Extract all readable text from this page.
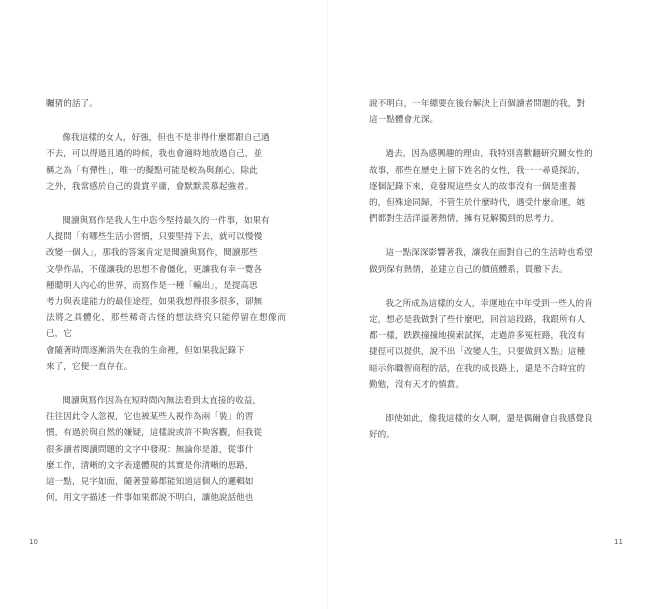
矚猜的話了。

像我這樣的女人，好強，但也不是非得什麼都跟自己過
不去，可以得過且過的時候，我也會適時地放過自己，並
稱之為「有彈性」，唯一的擬點可能是較為與創心，除此
之外，我常感於自己的貴賞平庸，會默默羨慕起強者。

閱讀與寫作是我人生中恣今堅持最久的一件事，如果有
人提問「有哪些生活小習慣，只要堅持下去，就可以慢慢
改變一個人」，那我的答案肯定是閱讀與寫作，閱讀那些
文學作品，不僅讓我的思想不會僵化，更讓我有幸一覽各
種聰明人內心的世界，而寫作是一種「輸出」，是提高思
考力與表達能力的最佳途徑，如果我想得很多很多，卻無
法將之具體化，那些稀奇古怪的想法終究只能停留在想像而已，它
會隨著時間逐漸消失在我的生命裡，但如果我記錄下
來了，它便一直存在。

閱讀與寫作因為在短時間內無法看到太直接的收益，
往往因此令人忽視，它也被某些人視作為兩「裝」的習
慣，有過於與自然的嫌疑，這樣說或許不夠客觀，但我從
很多讀者閱讀問題的文字中發現：無論你是誰，從事什
麼工作，清晰的文字表達體現的其實是你清晰的思路，
這一點，見字如面，隨著螢幕都能知道這個人的邏輯如
何，用文字描述一件事如果都說不明白，讓他說話他也

說不明白，一年總要在後台解決上百個讀者問題的我，對
這一點體會尤深。

過去，因為感興趣的理由，我特別喜歡翻研究關女性的
故事，那些在歷史上留下姓名的女性，我一一尋覓探訪，
逐個記錄下來，竟發現這些女人的故事沒有一個是重養
的，但殊途同歸，不管生於什麼時代，遇受什麼命運，她
們都對生活洋溢著熱情，擁有見解獨到的思考力。

這一點深深影響著我，讓我在面對自己的生活時也希望
做到保有熱情，並建立自己的價值體系，貫徹下去。

我之所成為這樣的女人，幸運地在中年受到一些人的肯
定，想必是我做對了些什麼吧，回首這段路，我跟所有人
都一樣，跌跌撞撞地摸索試探，走過許多冤枉路，我沒有
捷徑可以提供，說不出「改變人生，只要做到Ｘ點」這種
暗示你職智商程的話，在我的成長路上，還是不合時宜的
勤勉，沒有天才的慎賞。

即使如此，像我這樣的女人啊，還是偶爾會自我感覺良
好的。

10	11
